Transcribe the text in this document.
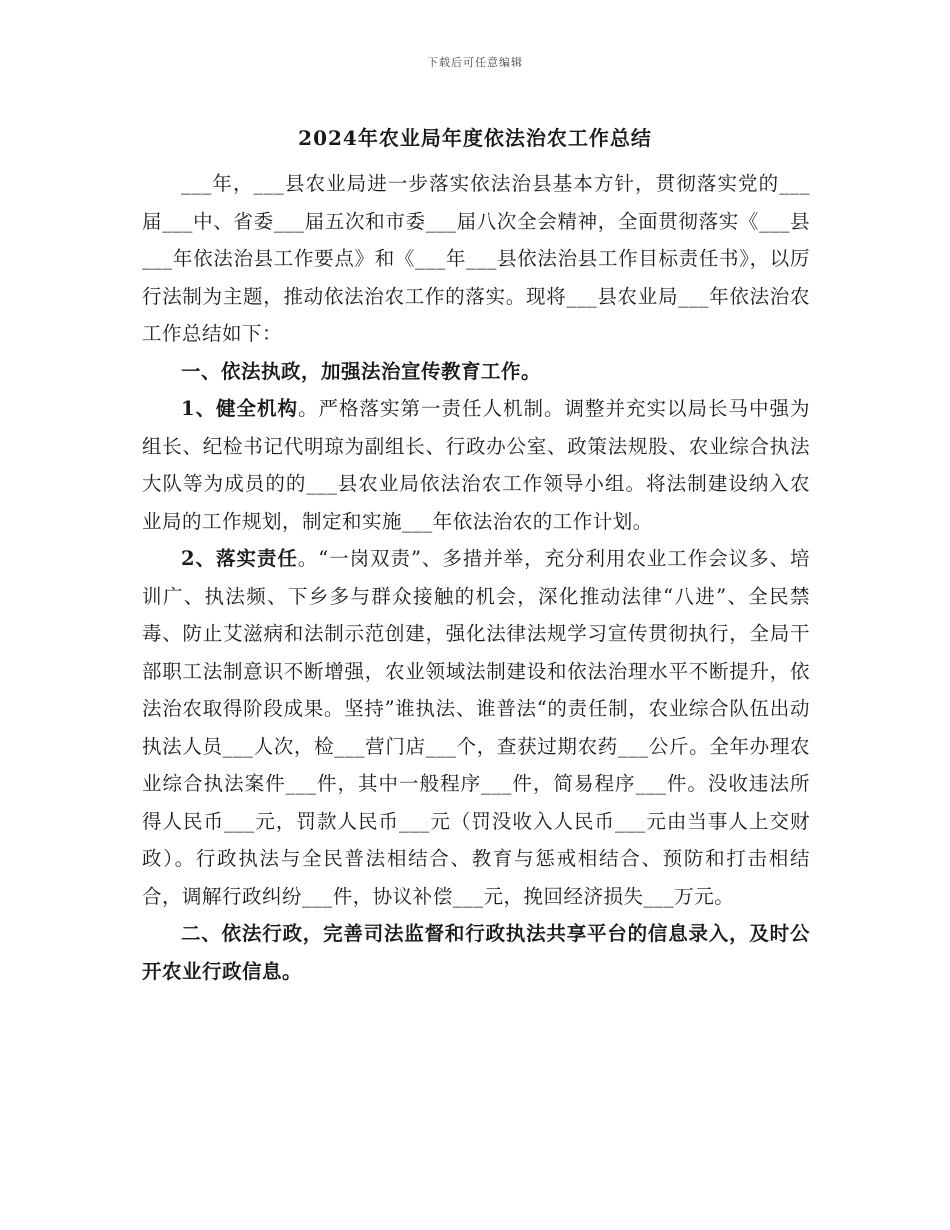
下载后可任意编辑
2024年农业局年度依法治农工作总结

___年，___县农业局进一步落实依法治县基本方针，贯彻落实党的___届___中、省委___届五次和市委___届八次全会精神，全面贯彻落实《___县___年依法治县工作要点》和《___年___县依法治县工作目标责任书》，以厉行法制为主题，推动依法治农工作的落实。现将___县农业局___年依法治农工作总结如下：

一、依法执政，加强法治宣传教育工作。

1、健全机构。严格落实第一责任人机制。调整并充实以局长马中强为组长、纪检书记代明琼为副组长、行政办公室、政策法规股、农业综合执法大队等为成员的的___县农业局依法治农工作领导小组。将法制建设纳入农业局的工作规划，制定和实施___年依法治农的工作计划。

2、落实责任。“一岗双责”、多措并举，充分利用农业工作会议多、培训广、执法频、下乡多与群众接触的机会，深化推动法律“八进”、全民禁毒、防止艾滋病和法制示范创建，强化法律法规学习宣传贯彻执行，全局干部职工法制意识不断增强，农业领域法制建设和依法治理水平不断提升，依法治农取得阶段成果。坚持”谁执法、谁普法“的责任制，农业综合队伍出动执法人员___人次，检___营门店___个，查获过期农药___公斤。全年办理农业综合执法案件___件，其中一般程序___件，简易程序___件。没收违法所得人民币___元，罚款人民币___元（罚没收入人民币___元由当事人上交财政）。行政执法与全民普法相结合、教育与惩戒相结合、预防和打击相结合，调解行政纠纷___件，协议补偿___元，挽回经济损失___万元。

二、依法行政，完善司法监督和行政执法共享平台的信息录入，及时公开农业行政信息。
